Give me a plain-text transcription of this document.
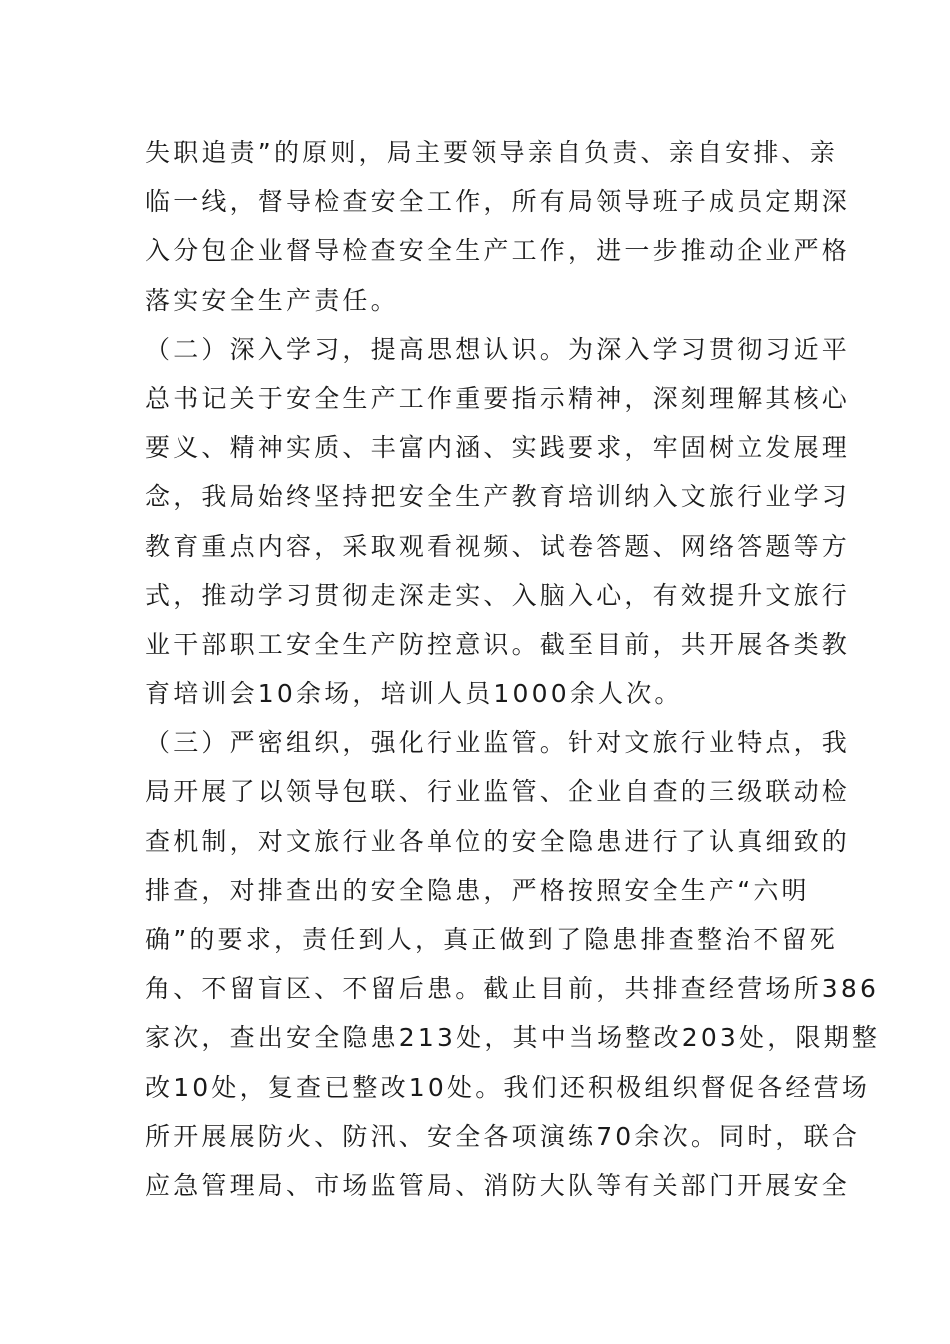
失职追责”的原则，局主要领导亲自负责、亲自安排、亲
临一线，督导检查安全工作，所有局领导班子成员定期深
入分包企业督导检查安全生产工作，进一步推动企业严格
落实安全生产责任。

（二）深入学习，提高思想认识。为深入学习贯彻习近平
总书记关于安全生产工作重要指示精神，深刻理解其核心
要义、精神实质、丰富内涵、实践要求，牢固树立发展理
念，我局始终坚持把安全生产教育培训纳入文旅行业学习
教育重点内容，采取观看视频、试卷答题、网络答题等方
式，推动学习贯彻走深走实、入脑入心，有效提升文旅行
业干部职工安全生产防控意识。截至目前，共开展各类教
育培训会10余场，培训人员1000余人次。

（三）严密组织，强化行业监管。针对文旅行业特点，我
局开展了以领导包联、行业监管、企业自查的三级联动检
查机制，对文旅行业各单位的安全隐患进行了认真细致的
排查，对排查出的安全隐患，严格按照安全生产“六明
确”的要求，责任到人，真正做到了隐患排查整治不留死
角、不留盲区、不留后患。截止目前，共排查经营场所386
家次，查出安全隐患213处，其中当场整改203处，限期整
改10处，复查已整改10处。我们还积极组织督促各经营场
所开展展防火、防汛、安全各项演练70余次。同时，联合
应急管理局、市场监管局、消防大队等有关部门开展安全
